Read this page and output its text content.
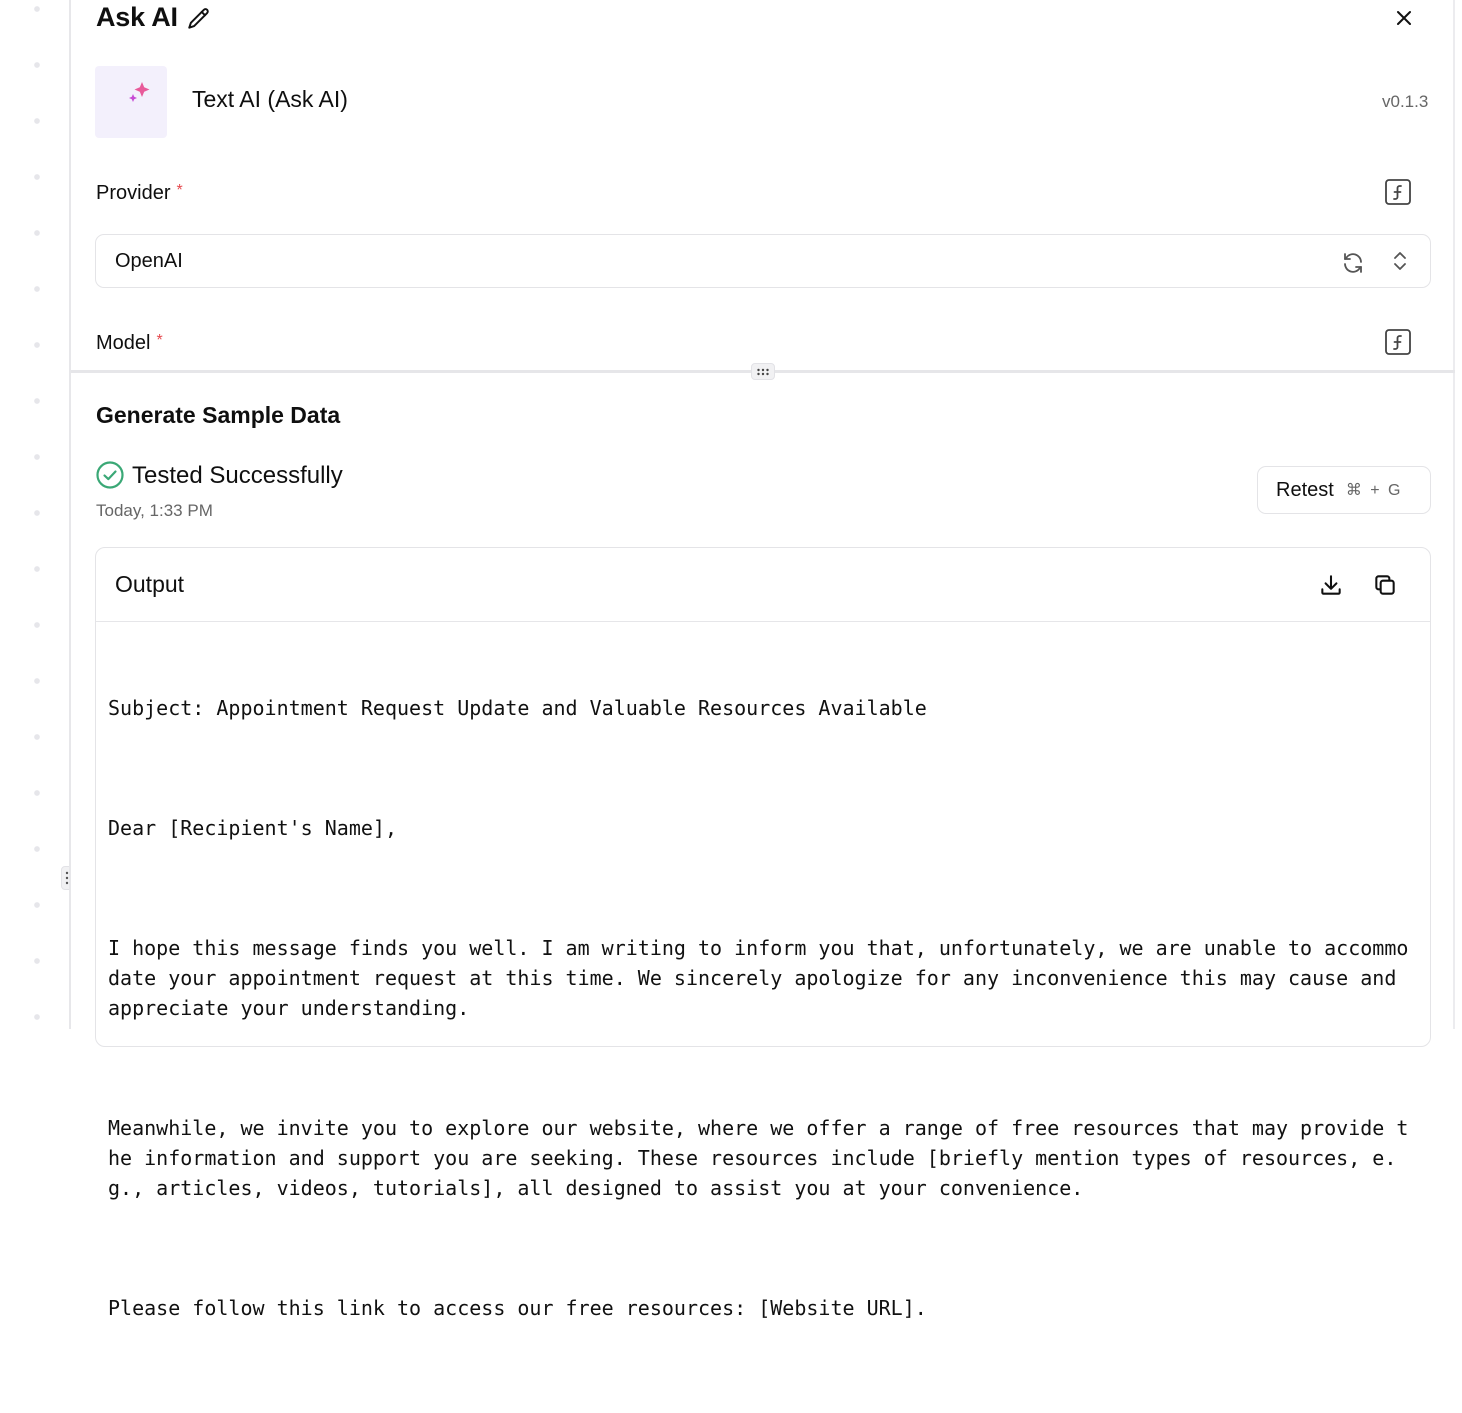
Ask AI
Text AI (Ask AI)	v0.1.3
Provider *
OpenAI
Model *
Generate Sample Data
Tested Successfully
Today, 1:33 PM
Retest ⌘ + G
Output

Subject: Appointment Request Update and Valuable Resources Available

Dear [Recipient's Name],

I hope this message finds you well. I am writing to inform you that, unfortunately, we are unable to accommodate your appointment request at this time. We sincerely apologize for any inconvenience this may cause and appreciate your understanding.

Meanwhile, we invite you to explore our website, where we offer a range of free resources that may provide the information and support you are seeking. These resources include [briefly mention types of resources, e.g., articles, videos, tutorials], all designed to assist you at your convenience.

Please follow this link to access our free resources: [Website URL].
